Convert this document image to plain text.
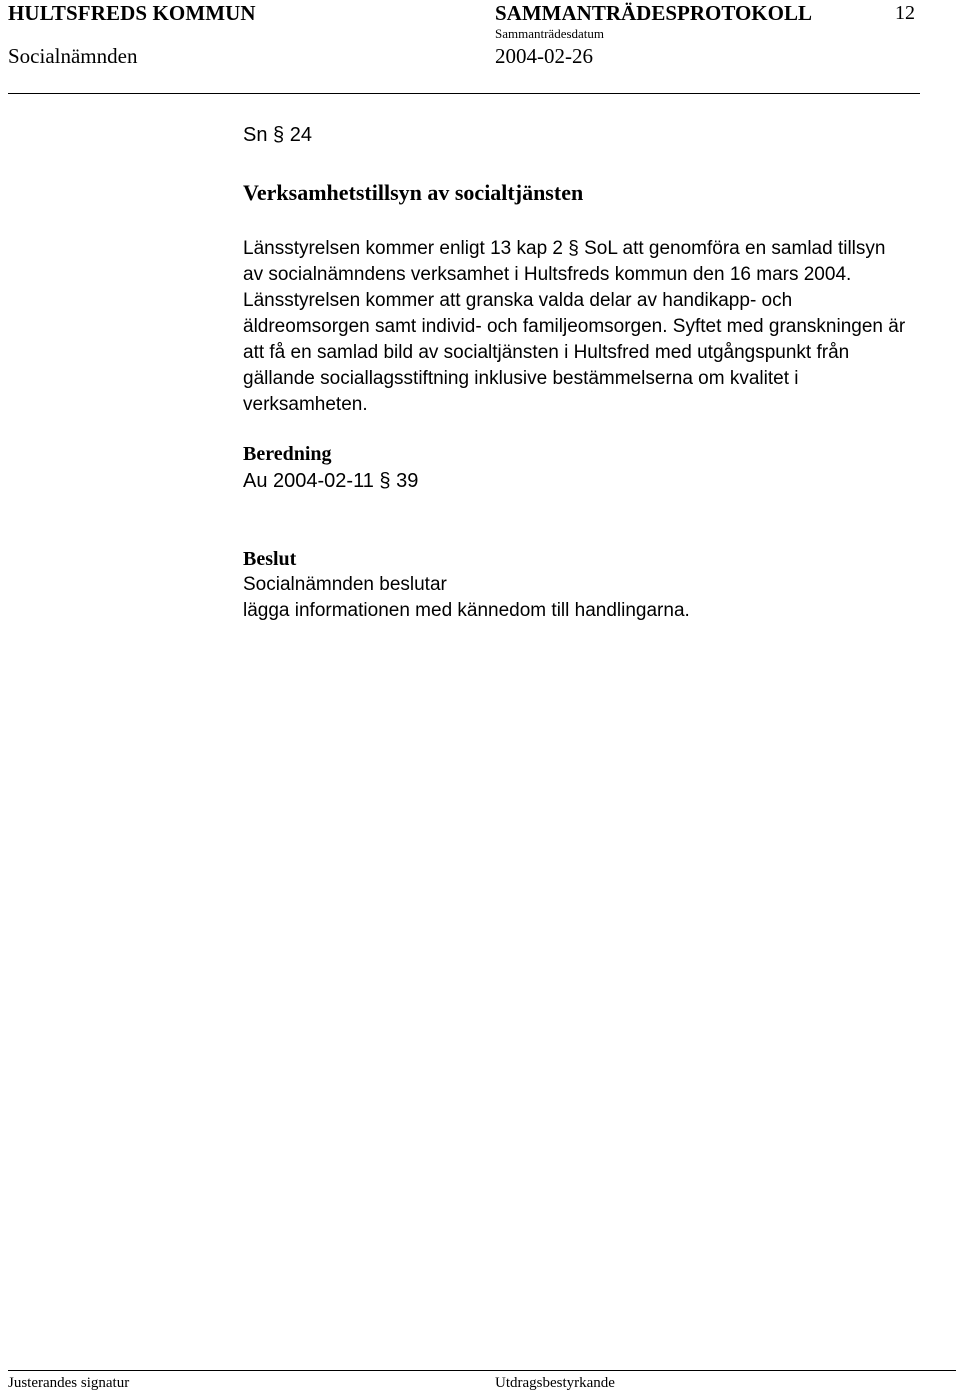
HULTSFREDS KOMMUN	SAMMANTRÄDESPROTOKOLL	12
Sammanträdesdatum
Socialnämnden	2004-02-26
Sn § 24
Verksamhetstillsyn av socialtjänsten
Länsstyrelsen kommer enligt 13 kap 2 § SoL att genomföra en samlad tillsyn
av socialnämndens verksamhet i Hultsfreds kommun den 16 mars 2004.
Länsstyrelsen kommer att granska valda delar av handikapp- och
äldreomsorgen samt individ- och familjeomsorgen. Syftet med granskningen är
att få en samlad bild av socialtjänsten i Hultsfred med utgångspunkt från
gällande sociallagsstiftning inklusive bestämmelserna om kvalitet i
verksamheten.
Beredning
Au 2004-02-11 § 39
Beslut
Socialnämnden beslutar
lägga informationen med kännedom till handlingarna.
Justerandes signatur	Utdragsbestyrkande
